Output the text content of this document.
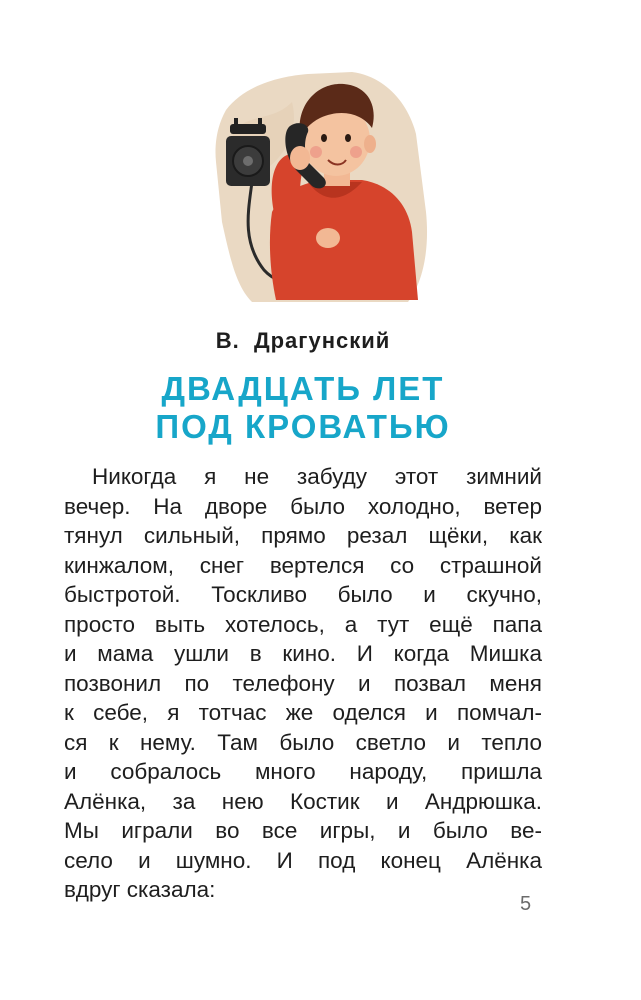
В.  Драгунский
ДВАДЦАТЬ ЛЕТ
ПОД КРОВАТЬЮ
Никогда я не забуду этот зимний
вечер. На дворе было холодно, ветер
тянул сильный, прямо резал щёки, как
кинжалом, снег вертелся со страшной
быстротой. Тоскливо было и скучно,
просто выть хотелось, а тут ещё папа
и мама ушли в кино. И когда Мишка
позвонил по телефону и позвал меня
к себе, я тотчас же оделся и помчал-
ся к нему. Там было светло и тепло
и собралось много народу, пришла
Алёнка, за нею Костик и Андрюшка.
Мы играли во все игры, и было ве-
село и шумно. И под конец Алёнка
вдруг сказала:
5
